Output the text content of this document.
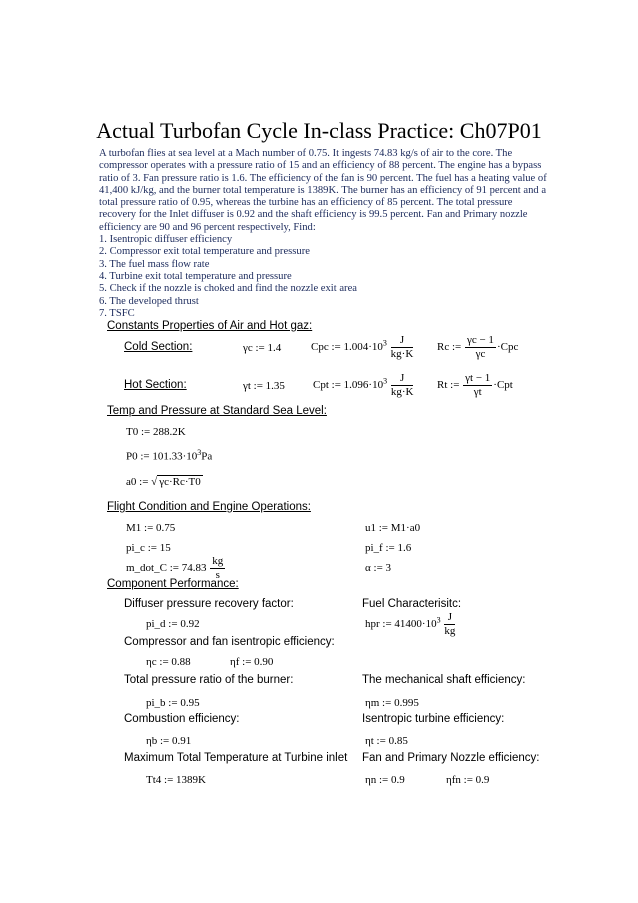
Actual Turbofan Cycle In-class Practice: Ch07P01

A turbofan flies at sea level at a Mach number of 0.75. It ingests 74.83 kg/s of air to the core. The compressor operates with a pressure ratio of 15 and an efficiency of 88 percent. The engine has a bypass ratio of 3. Fan pressure ratio is 1.6. The efficiency of the fan is 90 percent. The fuel has a heating value of 41,400 kJ/kg, and the burner total temperature is 1389K. The burner has an efficiency of 91 percent and a total pressure ratio of 0.95, whereas the turbine has an efficiency of 85 percent. The total pressure recovery for the Inlet diffuser is 0.92 and the shaft efficiency is 99.5 percent. Fan and Primary nozzle efficiency are 90 and 96 percent respectively, Find:

1. Isentropic diffuser efficiency
2. Compressor exit total temperature and pressure
3. The fuel mass flow rate
4. Turbine exit total temperature and pressure
5. Check if the nozzle is choked and find the nozzle exit area
6. The developed thrust
7. TSFC
Constants Properties of Air and Hot gaz:
Cold Section:	γc := 1.4	Cpc := $1.004\cdot 10^3 \frac{J}{kg\cdot K}$ Rc := $\frac{\gamma c - 1}{\gamma c} \cdot Cpc$
Hot Section:	γt := 1.35	Cpt := $1.096\cdot 10^3 \frac{J}{kg\cdot K}$ Rt := $\frac{\gamma t - 1}{\gamma t} \cdot Cpt$
Temp and Pressure at Standard Sea Level:
T0 := 288.2K
P0 := $101.33\cdot 10^3Pa$
a0 := √ γc·Rc·T0
Flight Condition and Engine Operations:
M1 := 0.75
pi_c := 15
m_dot_C := $74.83 \frac{kg}{s}$
u1 := M1·a0
pi_f := 1.6
α := 3
Component Performance:
Diffuser pressure recovery factor:
pi_d := 0.92
Fuel Characterisitc:
hpr := $41400\cdot 10^3 \frac{J}{kg}$
Compressor and fan isentropic efficiency:
ηc := 0.88	ηf := 0.90
Total pressure ratio of the burner:
pi_b := 0.95
The mechanical shaft efficiency:
ηm := 0.995
Combustion efficiency:
ηb := 0.91
Isentropic turbine efficiency:
ηt := 0.85
Maximum Total Temperature at Turbine inlet
Tt4 := 1389K
Fan and Primary Nozzle efficiency:
ηn := 0.9	ηfn := 0.9
